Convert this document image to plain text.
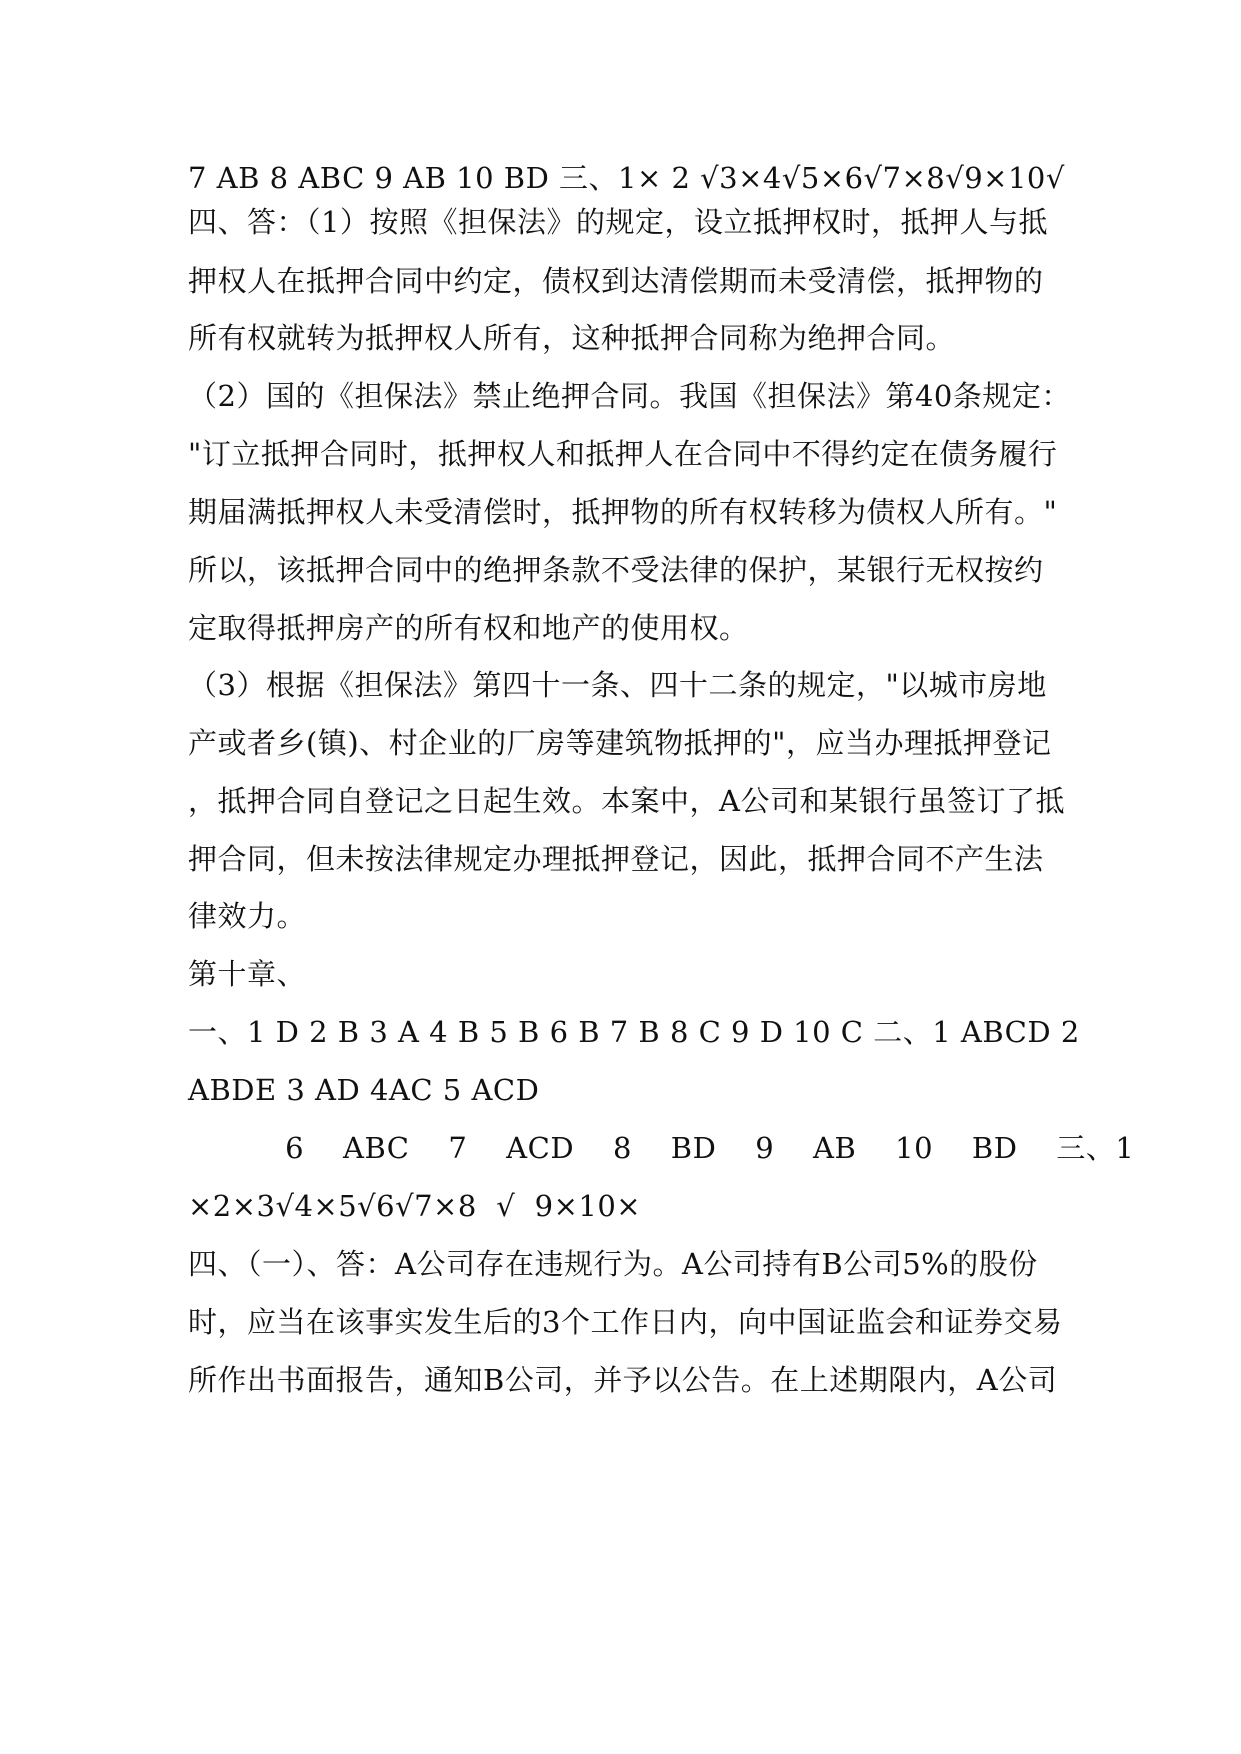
7 AB 8 ABC 9 AB 10 BD 三、1× 2 √3×4√5×6√7×8√9×10√
四、答：（1）按照《担保法》的规定，设立抵押权时，抵押人与抵
押权人在抵押合同中约定，债权到达清偿期而未受清偿，抵押物的
所有权就转为抵押权人所有，这种抵押合同称为绝押合同。
（2）国的《担保法》禁止绝押合同。我国《担保法》第40条规定：
"订立抵押合同时，抵押权人和抵押人在合同中不得约定在债务履行
期届满抵押权人未受清偿时，抵押物的所有权转移为债权人所有。"
所以，该抵押合同中的绝押条款不受法律的保护，某银行无权按约
定取得抵押房产的所有权和地产的使用权。
（3）根据《担保法》第四十一条、四十二条的规定，"以城市房地
产或者乡(镇)、村企业的厂房等建筑物抵押的"，应当办理抵押登记
，抵押合同自登记之日起生效。本案中，A公司和某银行虽签订了抵
押合同，但未按法律规定办理抵押登记，因此，抵押合同不产生法
律效力。
第十章、
一、1 D 2 B 3 A 4 B 5 B 6 B 7 B 8 C 9 D 10 C 二、1 ABCD 2
ABDE 3 AD 4AC 5 ACD
6    ABC    7    ACD    8    BD    9    AB    10    BD    三、1
×2×3√4×5√6√7×8  √  9×10×
四、（一）、答：A公司存在违规行为。A公司持有B公司5%的股份
时，应当在该事实发生后的3个工作日内，向中国证监会和证券交易
所作出书面报告，通知B公司，并予以公告。在上述期限内，A公司
